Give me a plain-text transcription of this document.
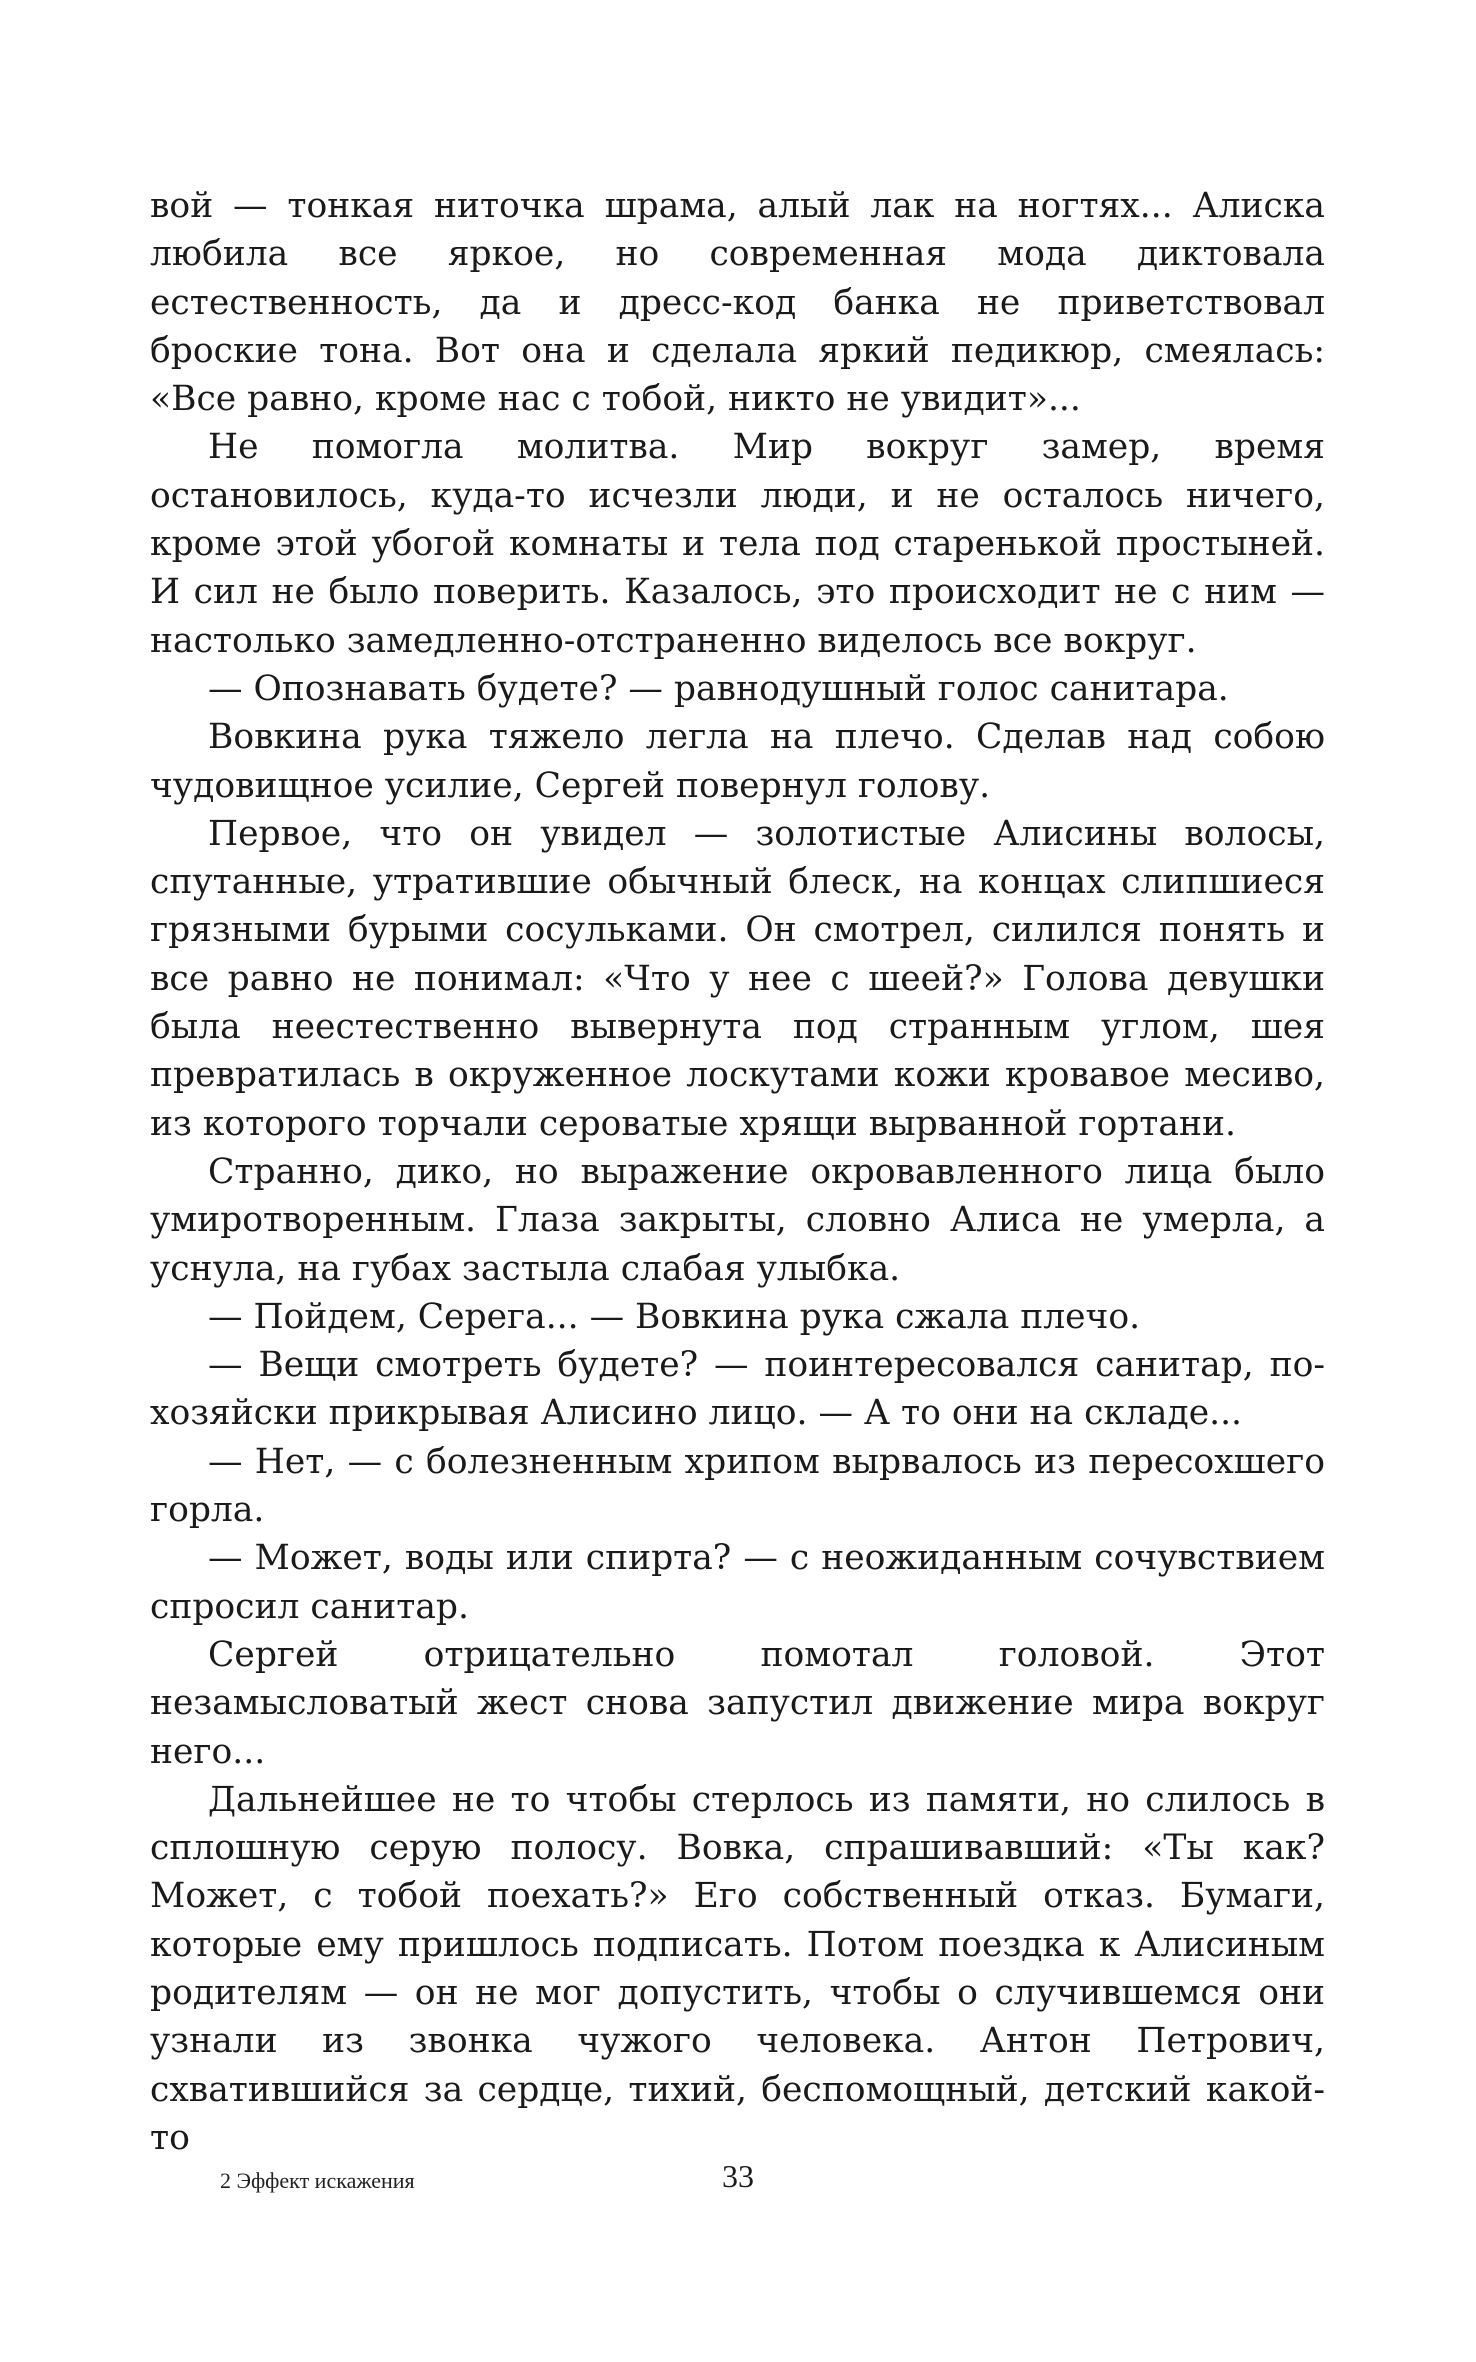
вой — тонкая ниточка шрама, алый лак на ногтях... Алиска любила все яркое, но современная мода диктовала естественность, да и дресс-код банка не приветствовал броские тона. Вот она и сделала яркий педикюр, смеялась: «Все равно, кроме нас с тобой, никто не увидит»...

Не помогла молитва. Мир вокруг замер, время остановилось, куда-то исчезли люди, и не осталось ничего, кроме этой убогой комнаты и тела под старенькой простыней. И сил не было поверить. Казалось, это происходит не с ним — настолько замедленно-отстраненно виделось все вокруг.

— Опознавать будете? — равнодушный голос санитара.

Вовкина рука тяжело легла на плечо. Сделав над собою чудовищное усилие, Сергей повернул голову.

Первое, что он увидел — золотистые Алисины волосы, спутанные, утратившие обычный блеск, на концах слипшиеся грязными бурыми сосульками. Он смотрел, силился понять и все равно не понимал: «Что у нее с шеей?» Голова девушки была неестественно вывернута под странным углом, шея превратилась в окруженное лоскутами кожи кровавое месиво, из которого торчали сероватые хрящи вырванной гортани.

Странно, дико, но выражение окровавленного лица было умиротворенным. Глаза закрыты, словно Алиса не умерла, а уснула, на губах застыла слабая улыбка.

— Пойдем, Серега... — Вовкина рука сжала плечо.

— Вещи смотреть будете? — поинтересовался санитар, по-хозяйски прикрывая Алисино лицо. — А то они на складе...

— Нет, — с болезненным хрипом вырвалось из пересохшего горла.

— Может, воды или спирта? — с неожиданным сочувствием спросил санитар.

Сергей отрицательно помотал головой. Этот незамысловатый жест снова запустил движение мира вокруг него...

Дальнейшее не то чтобы стерлось из памяти, но слилось в сплошную серую полосу. Вовка, спрашивавший: «Ты как? Может, с тобой поехать?» Его собственный отказ. Бумаги, которые ему пришлось подписать. Потом поездка к Алисиным родителям — он не мог допустить, чтобы о случившемся они узнали из звонка чужого человека. Антон Петрович, схватившийся за сердце, тихий, беспомощный, детский какой-то

2 Эффект искажения	33
